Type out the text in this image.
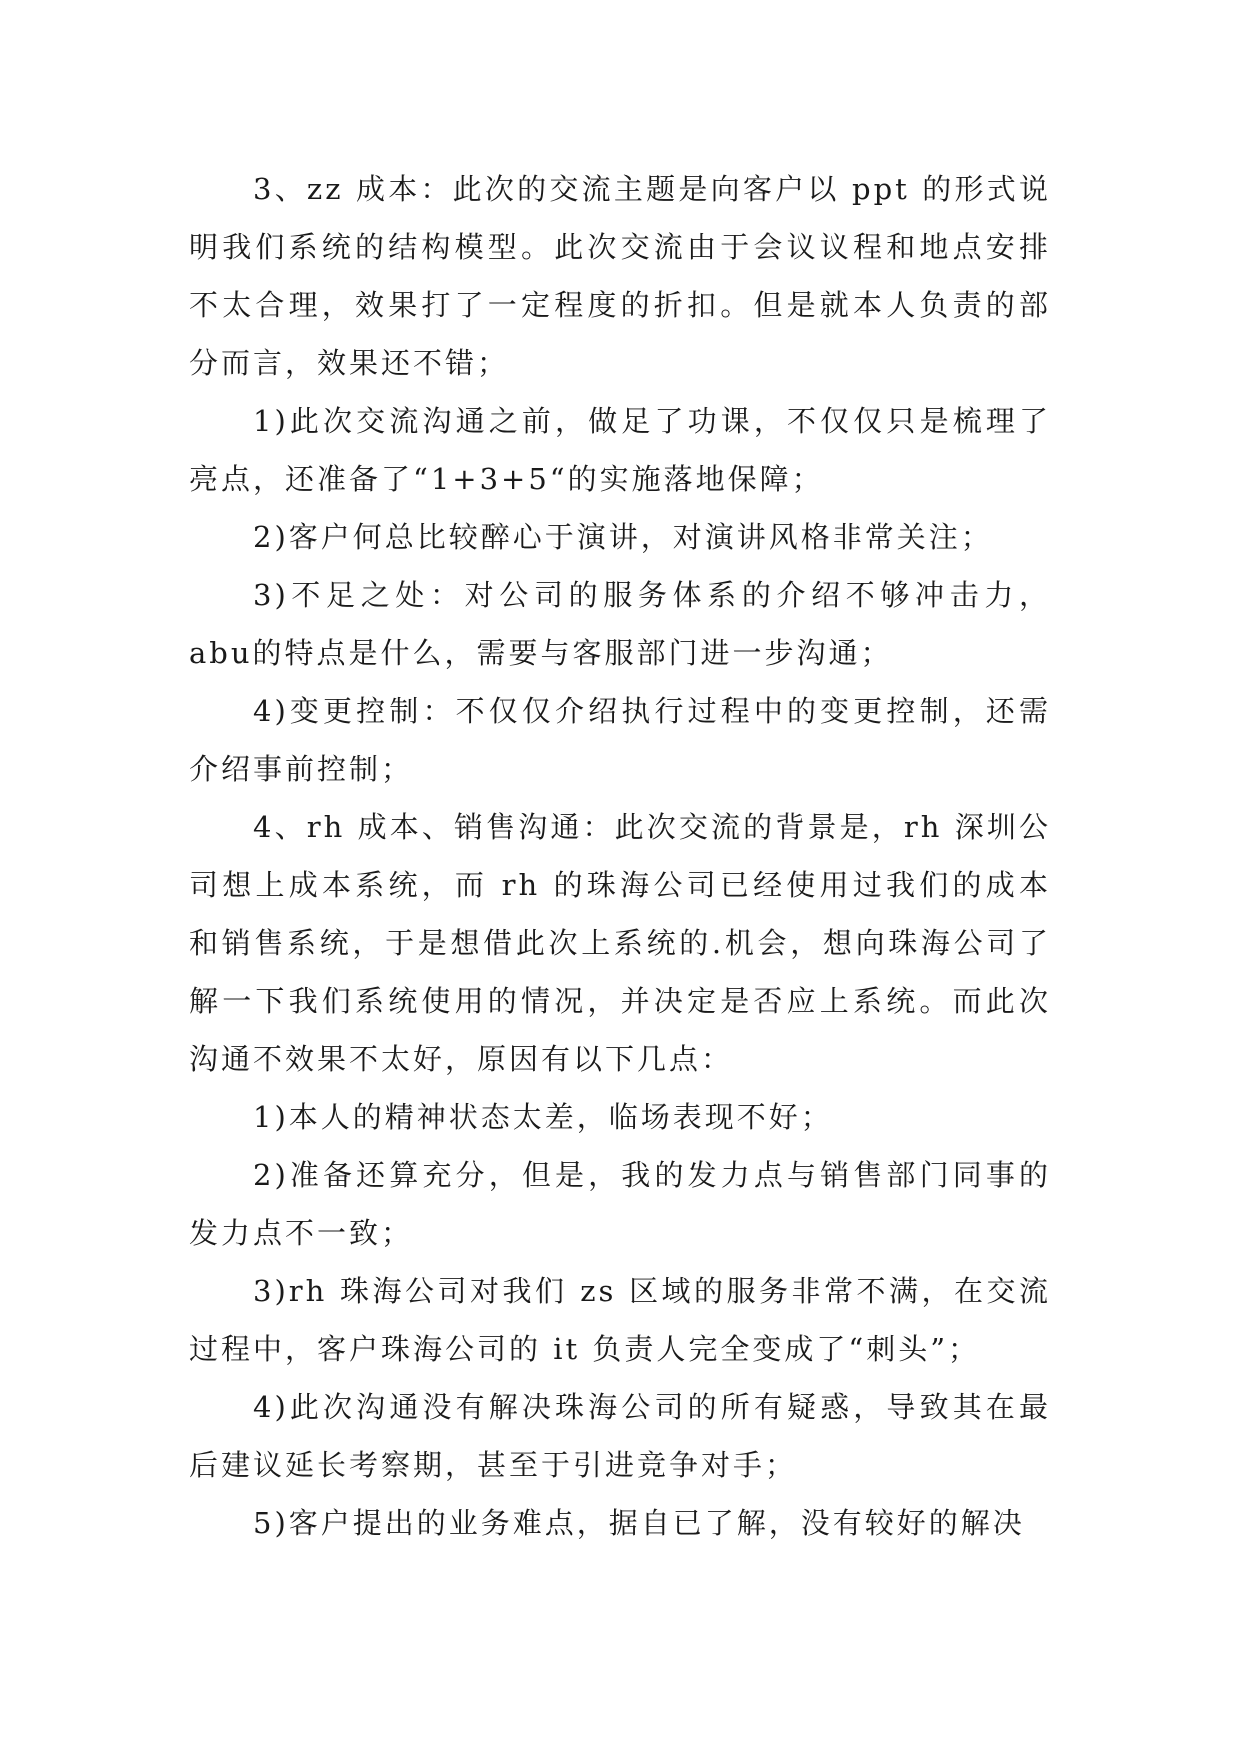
3、zz 成本：此次的交流主题是向客户以 ppt 的形式说明我们系统的结构模型。此次交流由于会议议程和地点安排不太合理，效果打了一定程度的折扣。但是就本人负责的部分而言，效果还不错；

1)此次交流沟通之前，做足了功课，不仅仅只是梳理了亮点，还准备了“1+3+5“的实施落地保障；

2)客户何总比较醉心于演讲，对演讲风格非常关注；

3)不足之处：对公司的服务体系的介绍不够冲击力，abu的特点是什么，需要与客服部门进一步沟通；

4)变更控制：不仅仅介绍执行过程中的变更控制，还需介绍事前控制；

4、rh 成本、销售沟通：此次交流的背景是，rh 深圳公司想上成本系统，而 rh 的珠海公司已经使用过我们的成本和销售系统，于是想借此次上系统的.机会，想向珠海公司了解一下我们系统使用的情况，并决定是否应上系统。而此次沟通不效果不太好，原因有以下几点：

1)本人的精神状态太差，临场表现不好；

2)准备还算充分，但是，我的发力点与销售部门同事的发力点不一致；

3)rh 珠海公司对我们 zs 区域的服务非常不满，在交流过程中，客户珠海公司的 it 负责人完全变成了“刺头”；

4)此次沟通没有解决珠海公司的所有疑惑，导致其在最后建议延长考察期，甚至于引进竞争对手；

5)客户提出的业务难点，据自已了解，没有较好的解决
